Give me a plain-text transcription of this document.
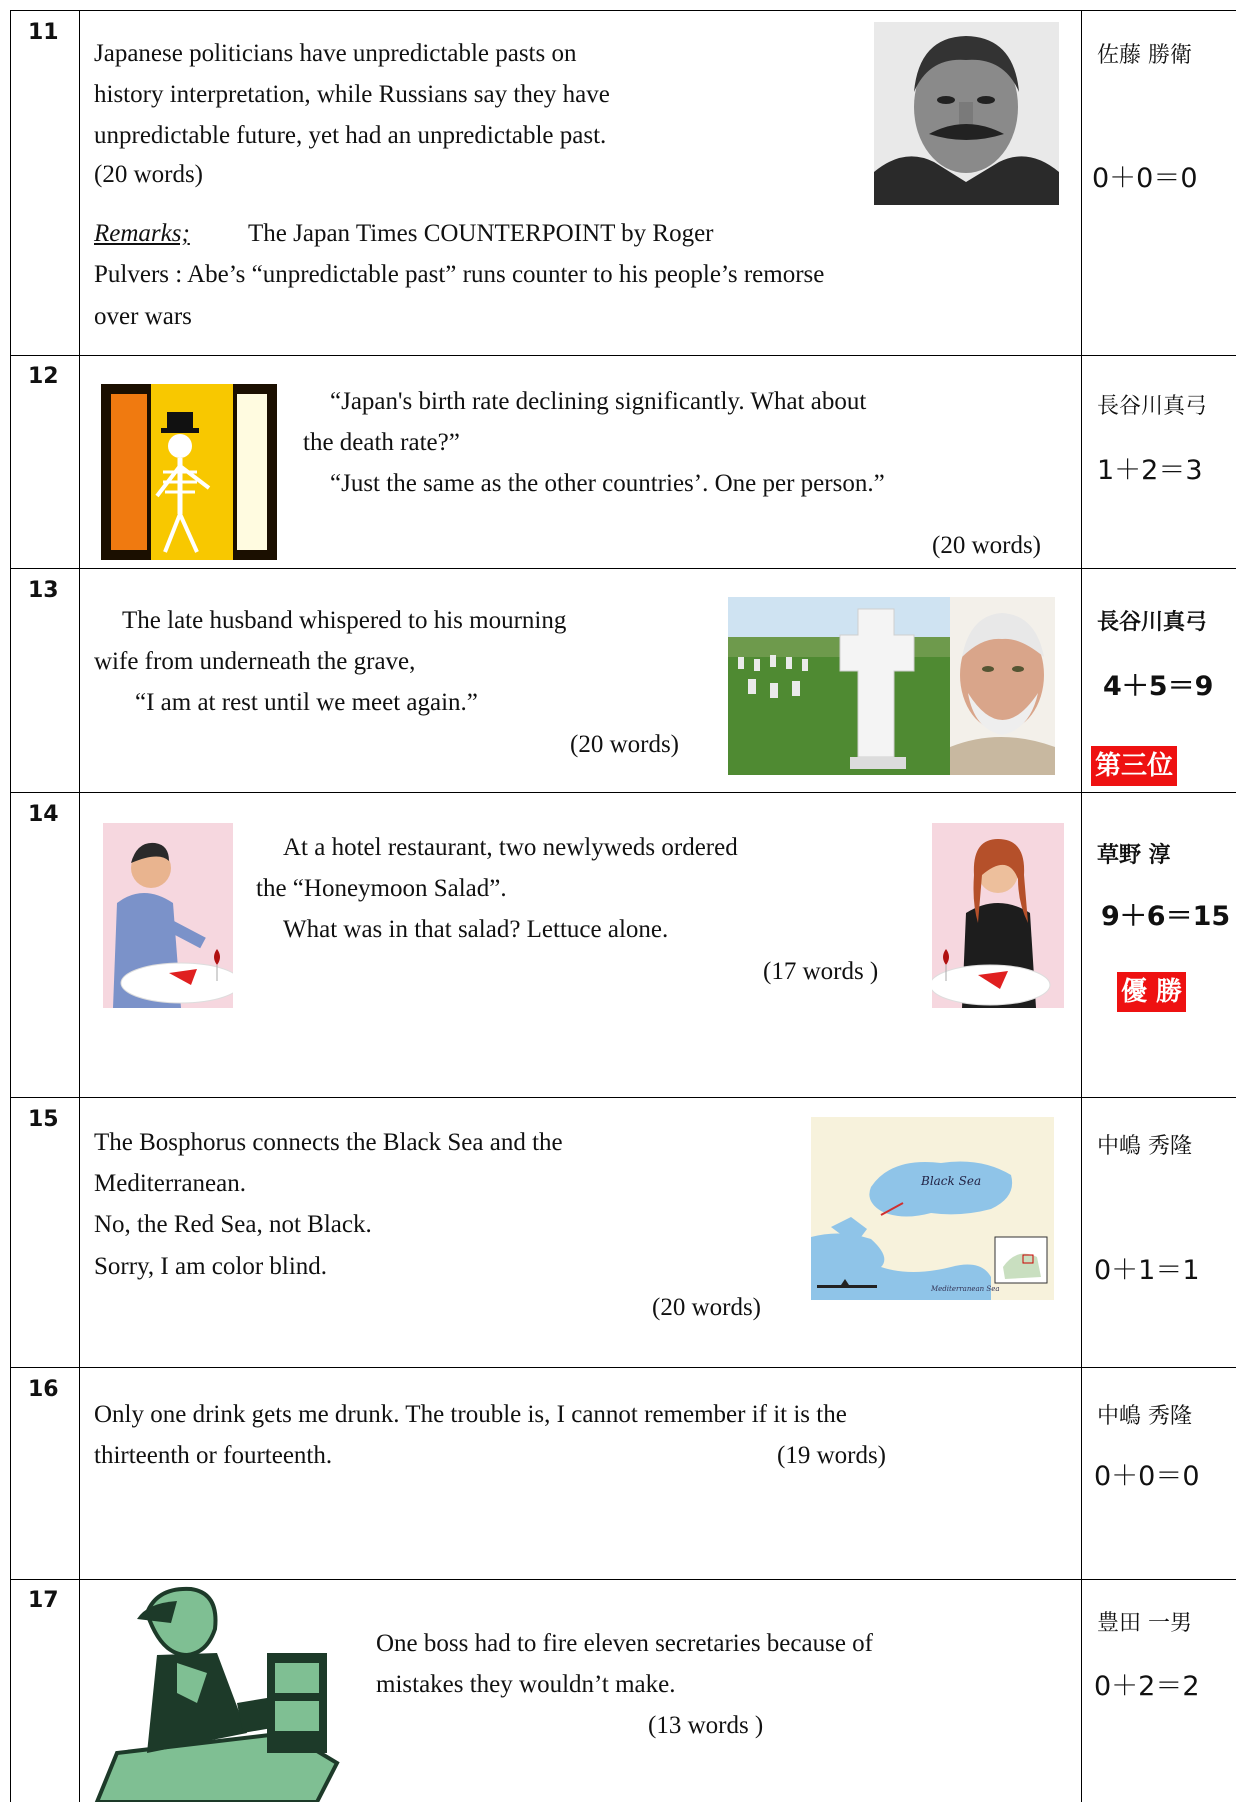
11
Japanese politicians have unpredictable pasts on
history interpretation, while Russians say they have
unpredictable future, yet had an unpredictable past.
(20 words)
Remarks; The Japan Times COUNTERPOINT by Roger
Pulvers : Abe’s “unpredictable past” runs counter to his people’s remorse
over wars
佐藤 勝衛
0＋0＝0
12
“Japan's birth rate declining significantly. What about
the death rate?”
“Just the same as the other countries’. One per person.”
(20 words)
長谷川真弓
1＋2＝3
13
The late husband whispered to his mourning
wife from underneath the grave,
“I am at rest until we meet again.”
(20 words)
長谷川真弓
4＋5＝9
第三位
14
At a hotel restaurant, two newlyweds ordered
the “Honeymoon Salad”.
What was in that salad? Lettuce alone.
(17 words )
草野 淳
9＋6＝15
優 勝
15
The Bosphorus connects the Black Sea and the
Mediterranean.
No, the Red Sea, not Black.
Sorry, I am color blind.
(20 words)
Black Sea
Mediterranean Sea
中嶋 秀隆
0＋1＝1
16
Only one drink gets me drunk. The trouble is, I cannot remember if it is the
thirteenth or fourteenth.	(19 words)
中嶋 秀隆
0＋0＝0
17
One boss had to fire eleven secretaries because of
mistakes they wouldn’t make.
(13 words )
豊田 一男
0＋2＝2
